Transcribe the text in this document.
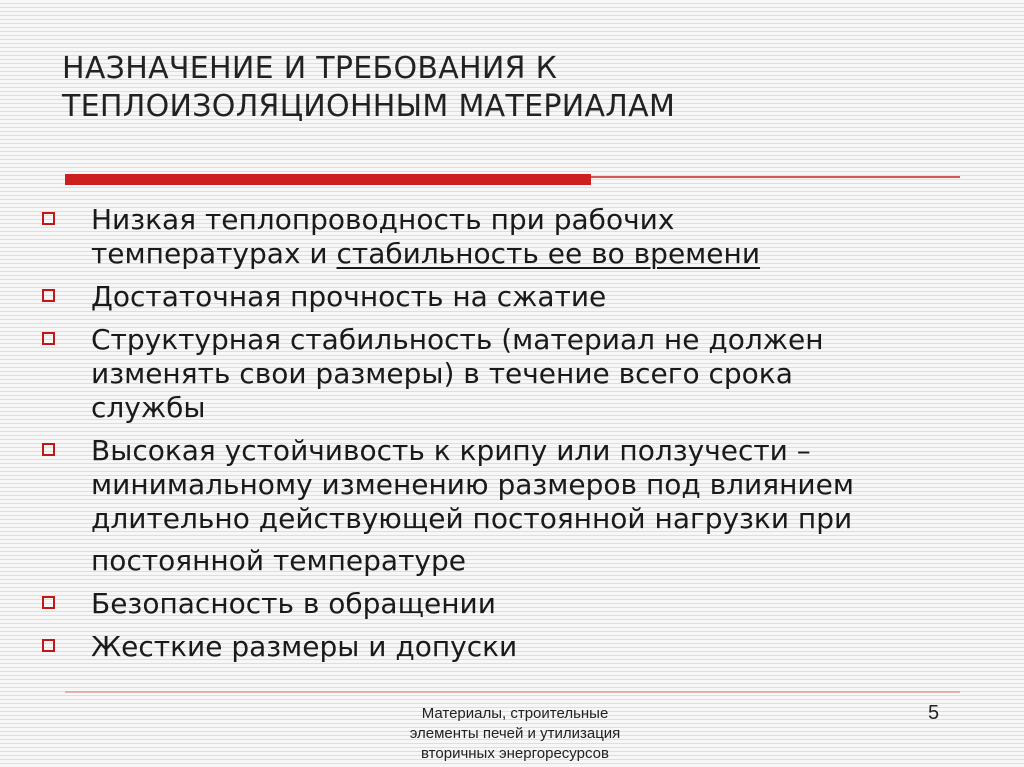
НАЗНАЧЕНИЕ И ТРЕБОВАНИЯ К
ТЕПЛОИЗОЛЯЦИОННЫМ МАТЕРИАЛАМ
Низкая теплопроводность при рабочих
температурах и стабильность ее во времени
Достаточная прочность на сжатие
Структурная стабильность (материал не должен
изменять свои размеры) в течение всего срока
службы
Высокая устойчивость к крипу или ползучести –
минимальному изменению размеров под влиянием
длительно действующей постоянной нагрузки при
постоянной температуре
Безопасность в обращении
Жесткие размеры и допуски
Материалы, строительные
элементы печей и утилизация
вторичных энергоресурсов
5
